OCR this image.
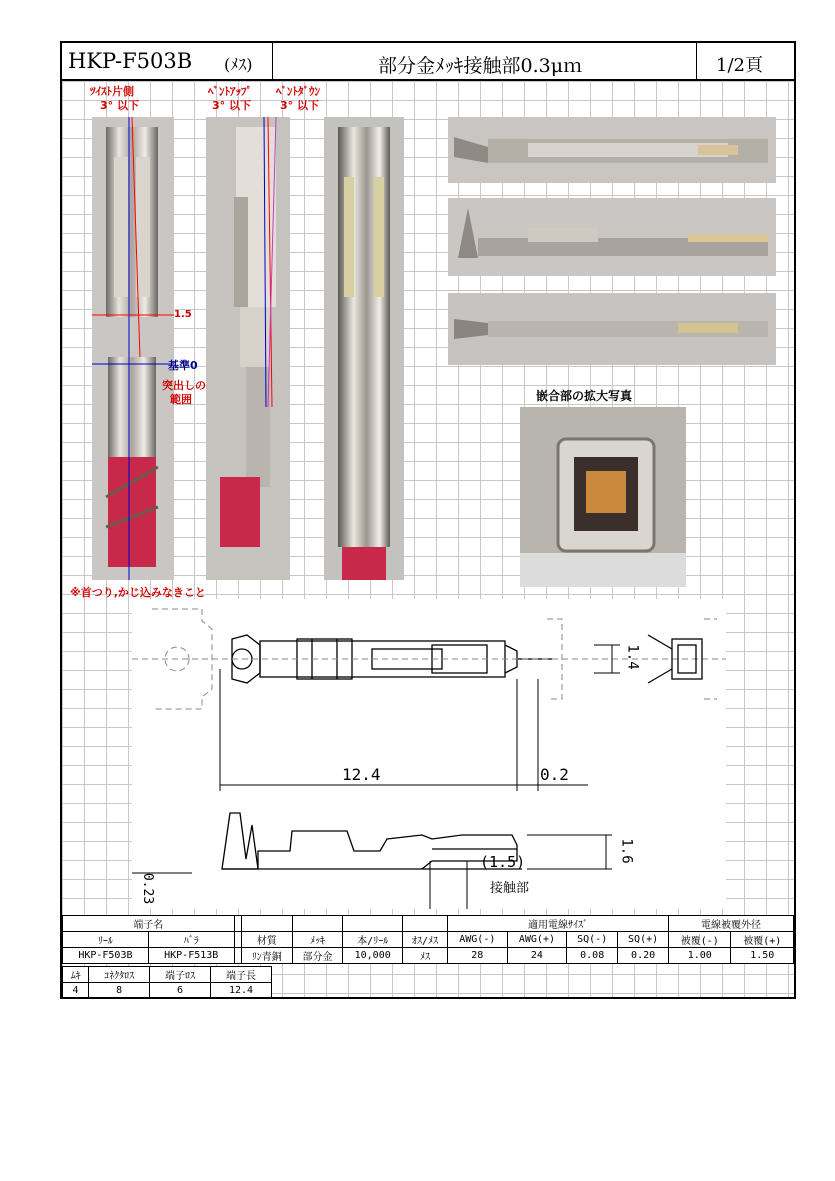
HKP-F503B (ﾒｽ)	部分金ﾒｯｷ接触部0.3μｍ	1/2頁
ﾂｲｽﾄ片側
3° 以下
ﾍﾞﾝﾄｱｯﾌﾟ
3° 以下
ﾍﾞﾝﾄﾀﾞｳﾝ
3° 以下
1.5
基準0
突出しの
範囲	嵌合部の拡大写真
※首つり,かじ込みなきこと
12.4	0.2
1.4
1.6
0.23
(1.5)
接触部
端子名							適用電線ｻｲｽﾞ				電線被覆外径	
ﾘｰﾙ	ﾊﾞﾗ		材質	ﾒｯｷ	本/ﾘｰﾙ	ｵｽ/ﾒｽ	AWG(-)	AWG(+)	SQ(-)	SQ(+)	被覆(-)	被覆(+)
HKP-F503B	HKP-F513B		ﾘﾝ青銅	部分金	10,000	ﾒｽ	28	24	0.08	0.20	1.00	1.50
ﾑｷ	ｺﾈｸﾀﾛｽ	端子ﾛｽ	端子長
4	8	6	12.4
